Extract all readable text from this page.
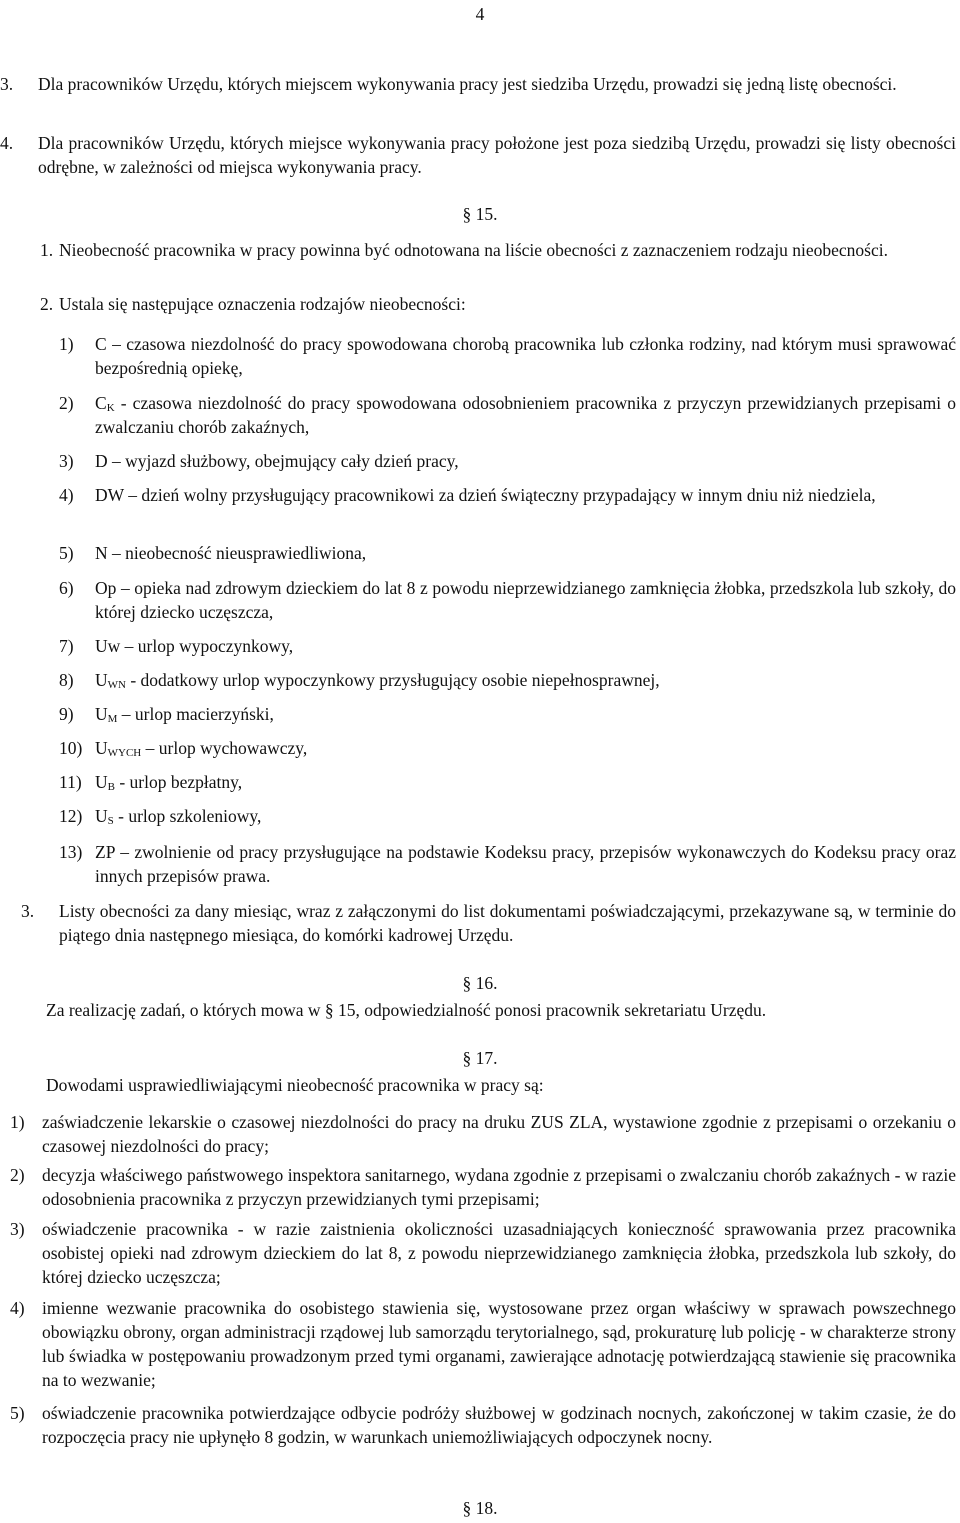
4
3. Dla pracowników Urzędu, których miejscem wykonywania pracy jest siedziba Urzędu, prowadzi się jedną listę obecności.
4. Dla pracowników Urzędu, których miejsce wykonywania pracy położone jest poza siedzibą Urzędu, prowadzi się listy obecności odrębne, w zależności od miejsca wykonywania pracy.
§ 15.
1. Nieobecność pracownika w pracy powinna być odnotowana na liście obecności z zaznaczeniem rodzaju nieobecności.
2. Ustala się następujące oznaczenia rodzajów nieobecności:
1) C – czasowa niezdolność do pracy spowodowana chorobą pracownika lub członka rodziny, nad którym musi sprawować bezpośrednią opiekę,
2) $C_K$ - czasowa niezdolność do pracy spowodowana odosobnieniem pracownika z przyczyn przewidzianych przepisami o zwalczaniu chorób zakaźnych,
3) D – wyjazd służbowy, obejmujący cały dzień pracy,
4) DW – dzień wolny przysługujący pracownikowi za dzień świąteczny przypadający w innym dniu niż niedziela,
5) N – nieobecność nieusprawiedliwiona,
6) Op – opieka nad zdrowym dzieckiem do lat 8 z powodu nieprzewidzianego zamknięcia żłobka, przedszkola lub szkoły, do której dziecko uczęszcza,
7) Uw – urlop wypoczynkowy,
8) $U_{WN}$ - dodatkowy urlop wypoczynkowy przysługujący osobie niepełnosprawnej,
9) $U_M$ – urlop macierzyński,
10) $U_{WYCH}$ – urlop wychowawczy,
11) $U_B$ - urlop bezpłatny,
12) $U_S$ - urlop szkoleniowy,
13) ZP – zwolnienie od pracy przysługujące na podstawie Kodeksu pracy, przepisów wykonawczych do Kodeksu pracy oraz innych przepisów prawa.
3. Listy obecności za dany miesiąc, wraz z załączonymi do list dokumentami poświadczającymi, przekazywane są, w terminie do piątego dnia następnego miesiąca, do komórki kadrowej Urzędu.
§ 16.
Za realizację zadań, o których mowa w § 15, odpowiedzialność ponosi pracownik sekretariatu Urzędu.
§ 17.
Dowodami usprawiedliwiającymi nieobecność pracownika w pracy są:
1) zaświadczenie lekarskie o czasowej niezdolności do pracy na druku ZUS ZLA, wystawione zgodnie z przepisami o orzekaniu o czasowej niezdolności do pracy;
2) decyzja właściwego państwowego inspektora sanitarnego, wydana zgodnie z przepisami o zwalczaniu chorób zakaźnych - w razie odosobnienia pracownika z przyczyn przewidzianych tymi przepisami;
3) oświadczenie pracownika - w razie zaistnienia okoliczności uzasadniających konieczność sprawowania przez pracownika osobistej opieki nad zdrowym dzieckiem do lat 8, z powodu nieprzewidzianego zamknięcia żłobka, przedszkola lub szkoły, do której dziecko uczęszcza;
4) imienne wezwanie pracownika do osobistego stawienia się, wystosowane przez organ właściwy w sprawach powszechnego obowiązku obrony, organ administracji rządowej lub samorządu terytorialnego, sąd, prokuraturę lub policję - w charakterze strony lub świadka w postępowaniu prowadzonym przed tymi organami, zawierające adnotację potwierdzającą stawienie się pracownika na to wezwanie;
5) oświadczenie pracownika potwierdzające odbycie podróży służbowej w godzinach nocnych, zakończonej w takim czasie, że do rozpoczęcia pracy nie upłynęło 8 godzin, w warunkach uniemożliwiających odpoczynek nocny.
§ 18.
